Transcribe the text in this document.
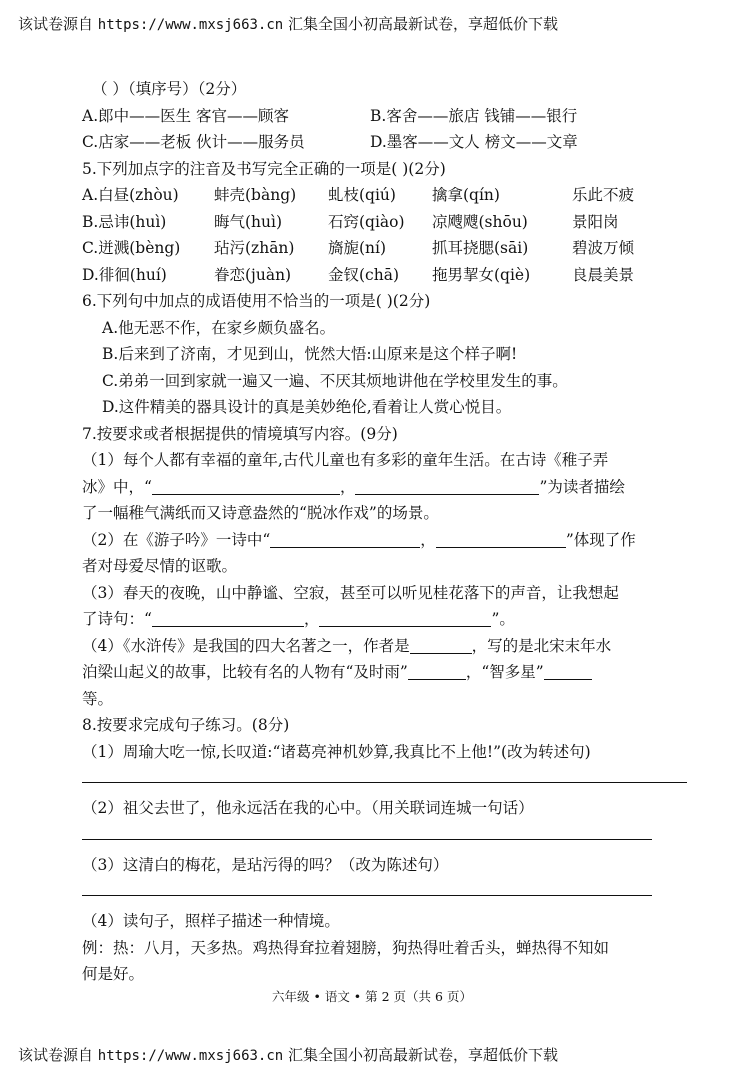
该试卷源自 https://www.mxsj663.cn 汇集全国小初高最新试卷，享超低价下载
（ ）（填序号）（2分）
A.郎中——医生 客官——顾客	B.客舍——旅店 钱铺——银行
C.店家——老板 伙计——服务员	D.墨客——文人 榜文——文章
5.下列加点字的注音及书写完全正确的一项是( )(2分)
A.白昼(zhòu) 蚌壳(bàng) 虬枝(qiú) 擒拿(qín)	乐此不疲
B.忌讳(huì)	晦气(huì)	石窍(qiào) 凉飕飕(shōu)	景阳岗
C.迸溅(bèng) 玷污(zhān) 旖旎(ní)	抓耳挠腮(sāi)	碧波万倾
D.徘徊(huí)	眷恋(juàn) 金钗(chā) 拖男挈女(qiè)	良晨美景
6.下列句中加点的成语使用不恰当的一项是( )(2分)
A.他无恶不作，在家乡颇负盛名。
B.后来到了济南，才见到山，恍然大悟:山原来是这个样子啊!
C.弟弟一回到家就一遍又一遍、不厌其烦地讲他在学校里发生的事。
D.这件精美的器具设计的真是美妙绝伦,看着让人赏心悦目。
7.按要求或者根据提供的情境填写内容。(9分)
（1）每个人都有幸福的童年,古代儿童也有多彩的童年生活。在古诗《稚子弄
冰》中，“	，	”为读者描绘
了一幅稚气满纸而又诗意盎然的“脱冰作戏”的场景。
（2）在《游子吟》一诗中“	，	”体现了作
者对母爱尽情的讴歌。
（3）春天的夜晚，山中静谧、空寂，甚至可以听见桂花落下的声音，让我想起
了诗句：“	，	”。
（4）《水浒传》是我国的四大名著之一，作者是	，写的是北宋末年水
泊梁山起义的故事，比较有名的人物有“及时雨”	，“智多星”
等。
8.按要求完成句子练习。(8分)
（1）周瑜大吃一惊,长叹道:“诸葛亮神机妙算,我真比不上他!”(改为转述句)
（2）祖父去世了，他永远活在我的心中。（用关联词连城一句话）
（3）这清白的梅花，是玷污得的吗？（改为陈述句）
（4）读句子，照样子描述一种情境。
例：热：八月，天多热。鸡热得耷拉着翅膀，狗热得吐着舌头，蝉热得不知如
何是好。
六年级 • 语文 • 第 2 页（共 6 页）
该试卷源自 https://www.mxsj663.cn 汇集全国小初高最新试卷，享超低价下载
